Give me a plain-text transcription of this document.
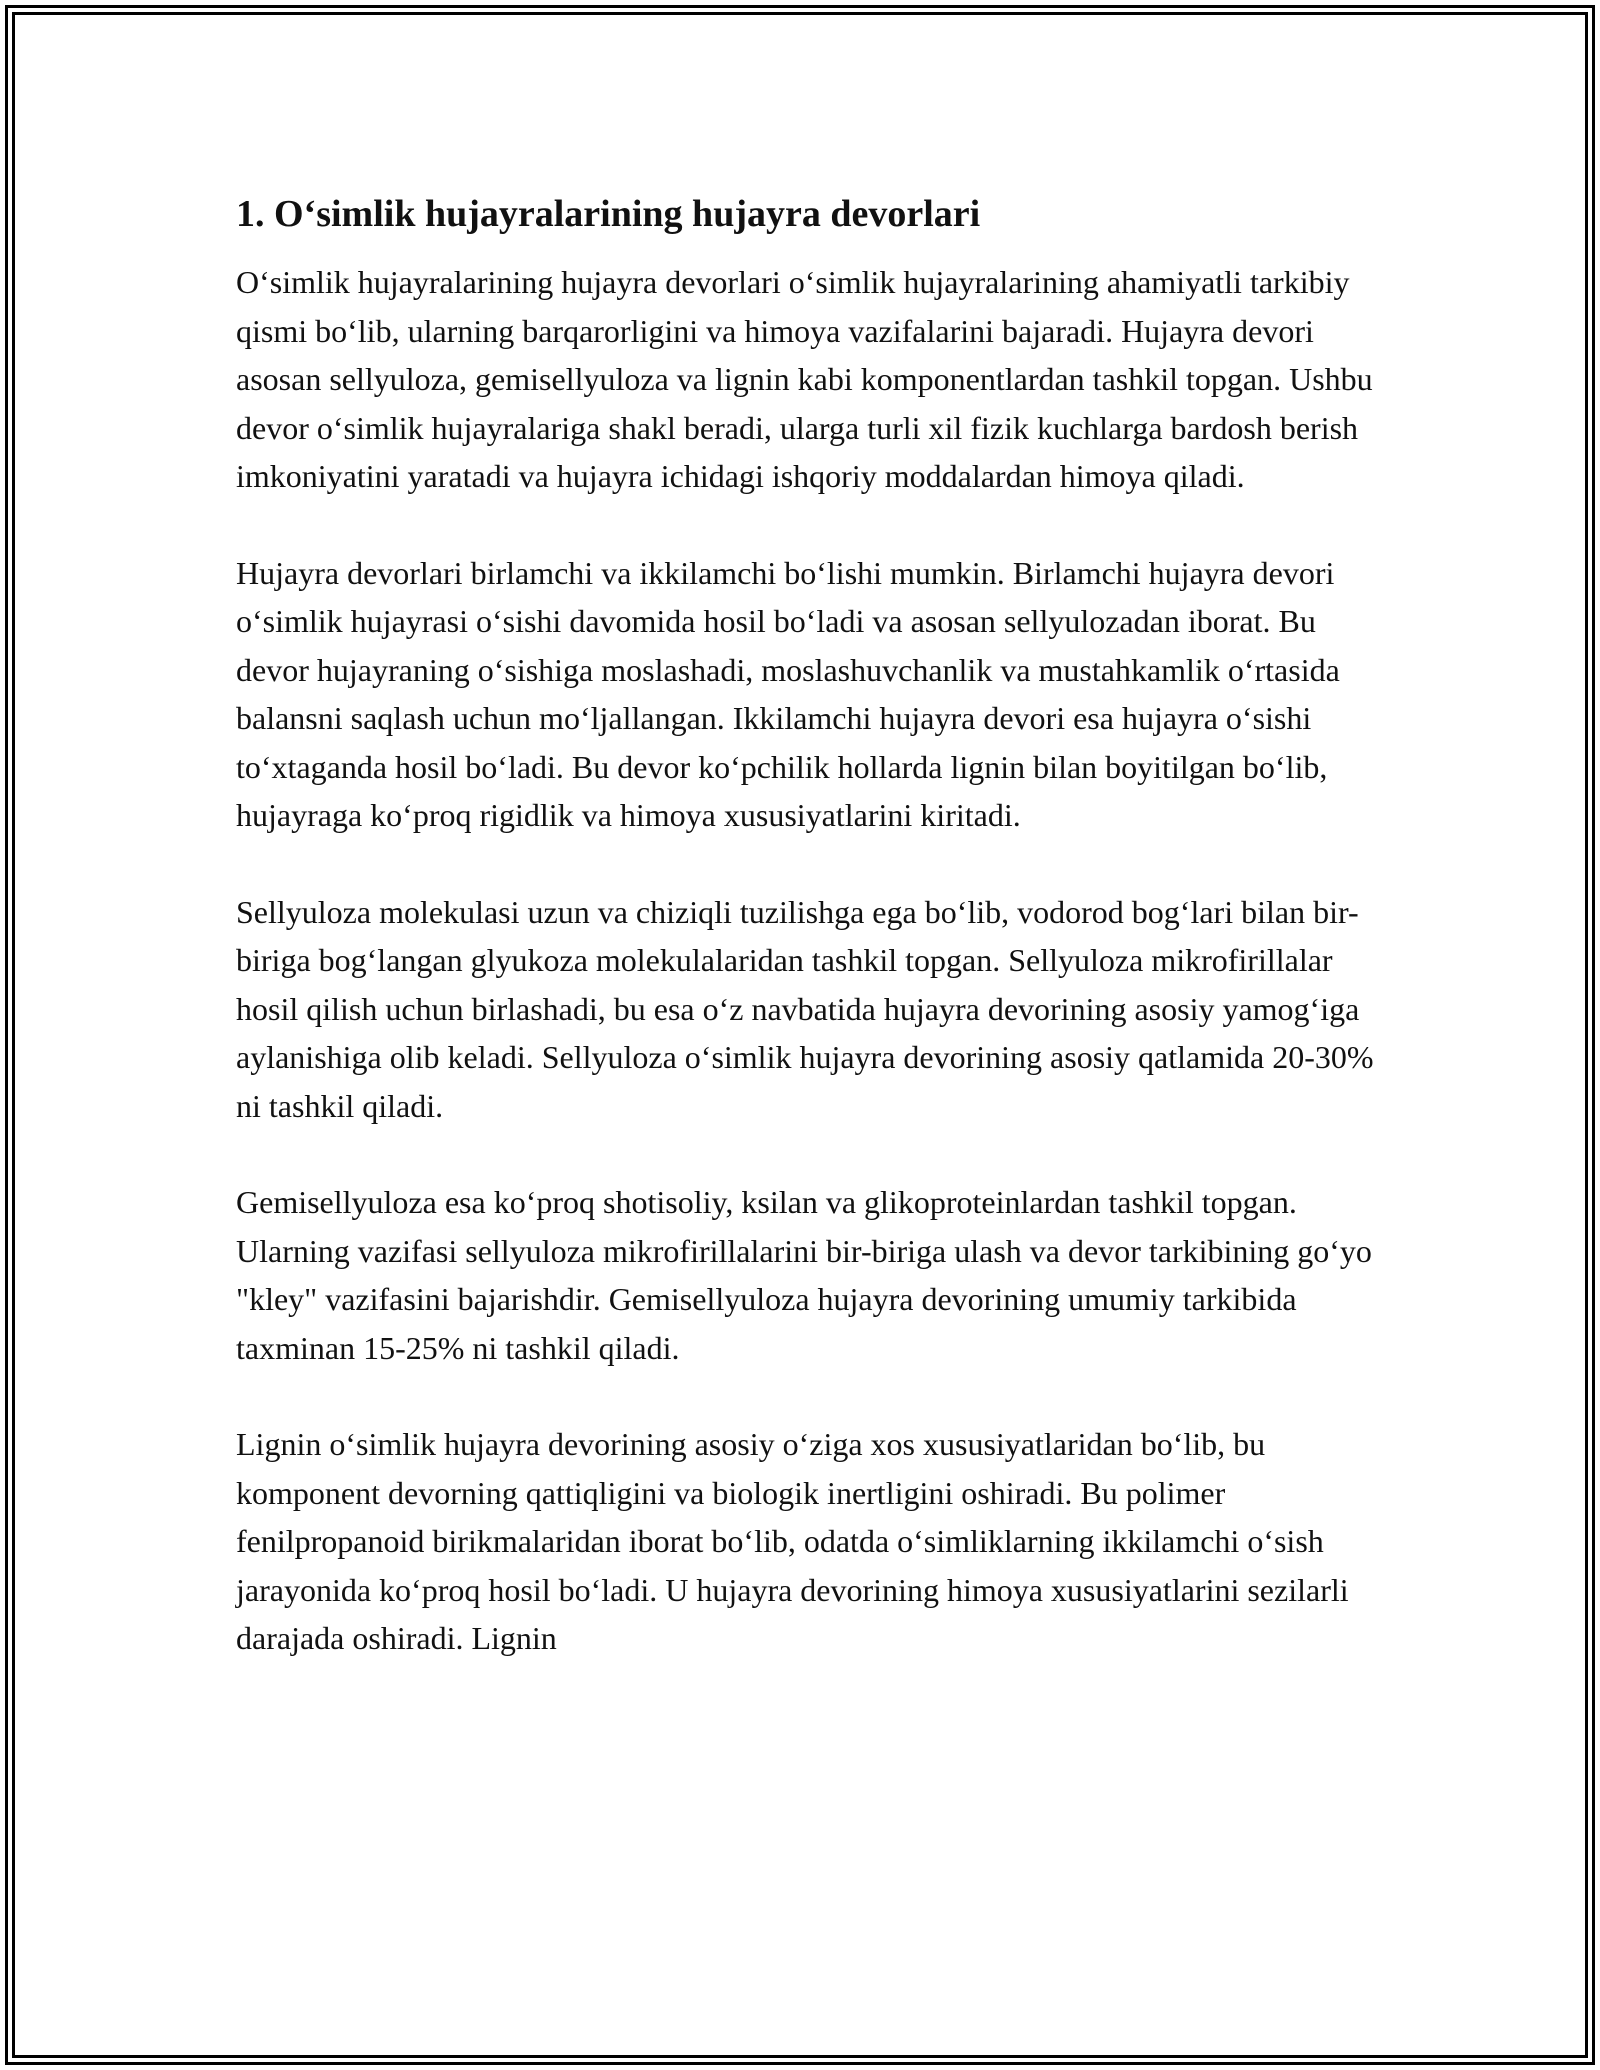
1. O‘simlik hujayralarining hujayra devorlari

O‘simlik hujayralarining hujayra devorlari o‘simlik hujayralarining ahamiyatli tarkibiy qismi bo‘lib, ularning barqarorligini va himoya vazifalarini bajaradi. Hujayra devori asosan sellyuloza, gemisellyuloza va lignin kabi komponentlardan tashkil topgan. Ushbu devor o‘simlik hujayralariga shakl beradi, ularga turli xil fizik kuchlarga bardosh berish imkoniyatini yaratadi va hujayra ichidagi ishqoriy moddalardan himoya qiladi.

Hujayra devorlari birlamchi va ikkilamchi bo‘lishi mumkin. Birlamchi hujayra devori o‘simlik hujayrasi o‘sishi davomida hosil bo‘ladi va asosan sellyulozadan iborat. Bu devor hujayraning o‘sishiga moslashadi, moslashuvchanlik va mustahkamlik o‘rtasida balansni saqlash uchun mo‘ljallangan. Ikkilamchi hujayra devori esa hujayra o‘sishi to‘xtaganda hosil bo‘ladi. Bu devor ko‘pchilik hollarda lignin bilan boyitilgan bo‘lib, hujayraga ko‘proq rigidlik va himoya xususiyatlarini kiritadi.

Sellyuloza molekulasi uzun va chiziqli tuzilishga ega bo‘lib, vodorod bog‘lari bilan bir-biriga bog‘langan glyukoza molekulalaridan tashkil topgan. Sellyuloza mikrofirillalar hosil qilish uchun birlashadi, bu esa o‘z navbatida hujayra devorining asosiy yamog‘iga aylanishiga olib keladi. Sellyuloza o‘simlik hujayra devorining asosiy qatlamida 20-30% ni tashkil qiladi.

Gemisellyuloza esa ko‘proq shotisoliy, ksilan va glikoproteinlardan tashkil topgan. Ularning vazifasi sellyuloza mikrofirillalarini bir-biriga ulash va devor tarkibining go‘yo "kley" vazifasini bajarishdir. Gemisellyuloza hujayra devorining umumiy tarkibida taxminan 15-25% ni tashkil qiladi.

Lignin o‘simlik hujayra devorining asosiy o‘ziga xos xususiyatlaridan bo‘lib, bu komponent devorning qattiqligini va biologik inertligini oshiradi. Bu polimer fenilpropanoid birikmalaridan iborat bo‘lib, odatda o‘simliklarning ikkilamchi o‘sish jarayonida ko‘proq hosil bo‘ladi. U hujayra devorining himoya xususiyatlarini sezilarli darajada oshiradi. Lignin
